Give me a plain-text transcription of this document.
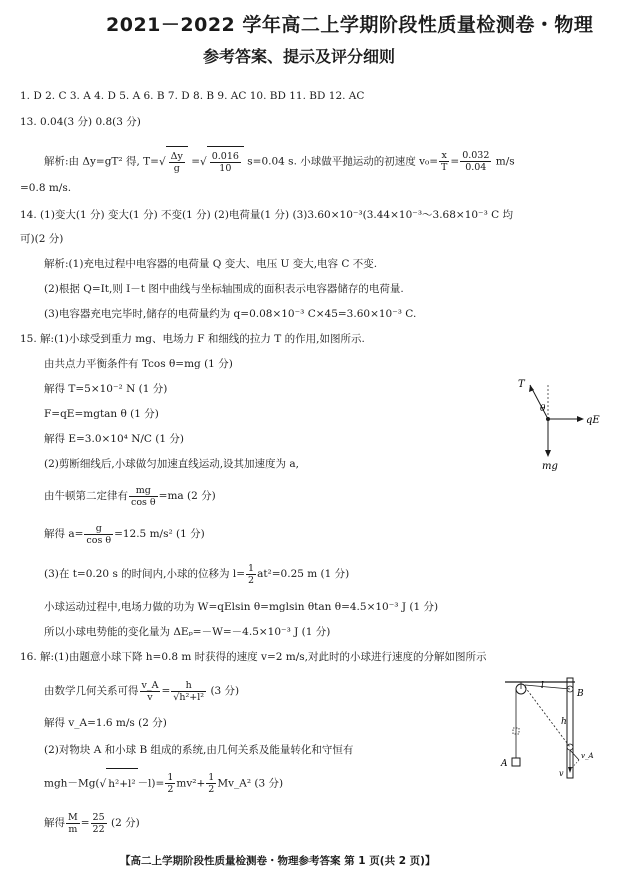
2021－2022 学年高二上学期阶段性质量检测卷・物理
参考答案、提示及评分细则
1. D 2. C 3. A 4. D 5. A 6. B 7. D 8. B 9. AC 10. BD 11. BD 12. AC
13. 0.04(3 分) 0.8(3 分)
解析:由 Δy=gT² 得, $T=√ \frac{\Delta y}{g}$ =√ $\frac{0.016}{10} s=0.04$ s. 小球做平抛运动的初速度 $v_0= \frac{x}{T} = \frac{0.032}{0.04} m/s$
=0.8 m/s.
14. (1)变大(1 分) 变大(1 分) 不变(1 分) (2)电荷量(1 分) (3)3.60×10⁻³(3.44×10⁻³～3.68×10⁻³ C 均
可)(2 分)
解析:(1)充电过程中电容器的电荷量 Q 变大、电压 U 变大,电容 C 不变.
(2)根据 Q=It,则 I－t 图中曲线与坐标轴围成的面积表示电容器储存的电荷量.
(3)电容器充电完毕时,储存的电荷量约为 q=0.08×10⁻³ C×45=3.60×10⁻³ C.
15. 解:(1)小球受到重力 mg、电场力 F 和细线的拉力 T 的作用,如图所示.
由共点力平衡条件有 Tcos θ=mg (1 分)
解得 T=5×10⁻² N (1 分)
F=qE=mgtan θ (1 分)
解得 E=3.0×10⁴ N/C (1 分)
(2)剪断细线后,小球做匀加速直线运动,设其加速度为 a,
由牛顿第二定律有 $\frac{mg}{\text{cos θ}} =ma$ (2 分)
解得 $a= \frac{g}{\text{cos θ}} =12.5$ m/s² (1 分)
(3)在 t=0.20 s 的时间内,小球的位移为 $l= \frac{1}{2} at^2=0.25$ m (1 分)
小球运动过程中,电场力做的功为 W=qElsin θ=mglsin θtan θ=4.5×10⁻³ J (1 分)
所以小球电势能的变化量为 ΔEₚ=－W=－4.5×10⁻³ J (1 分)
T
θ
qE
mg
16. 解:(1)由题意小球下降 h=0.8 m 时获得的速度 v=2 m/s,对此时的小球进行速度的分解如图所示
由数学几何关系可得 $\frac{v\_A}{v} = \frac{h}{\text{√h²+l²}} (3$ 分)
解得 v_A=1.6 m/s (2 分)
(2)对物块 A 和小球 B 组成的系统,由几何关系及能量转化和守恒有
mgh－Mg(√ $h^2+l^2 -l)= \frac{1}{2} mv^2+ \frac{1}{2}$ Mv_A² (3 分)
解得 $\frac{M}{m} = \frac{25}{22} (2$ 分)
l
B
h
A
v
v_A
【高二上学期阶段性质量检测卷・物理参考答案 第 1 页(共 2 页)】
